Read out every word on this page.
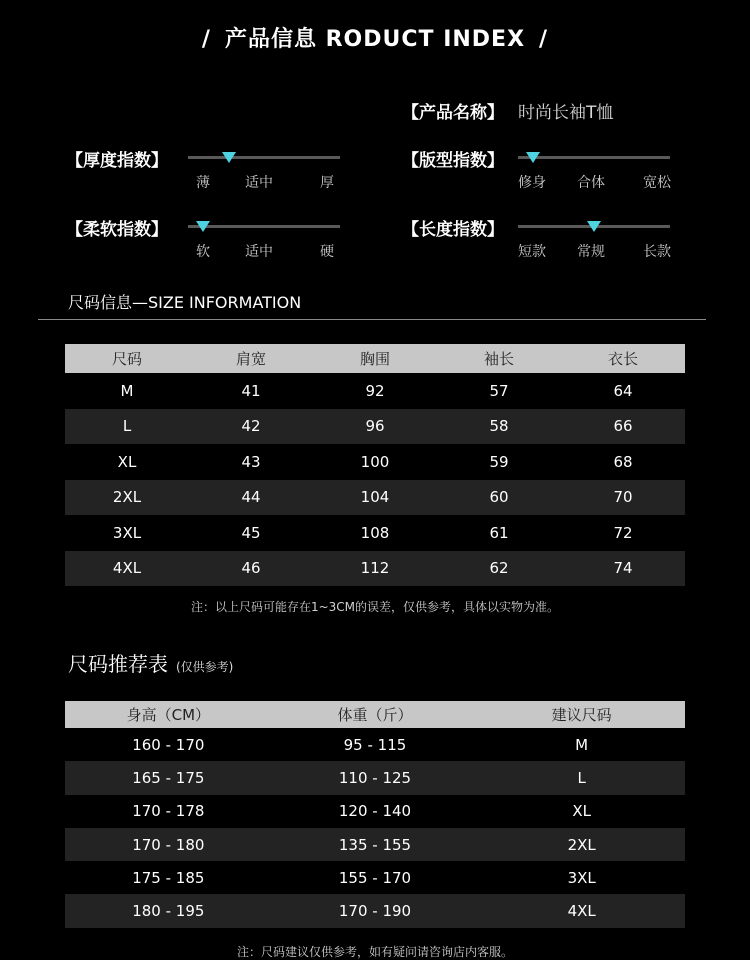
/ 产品信息 RODUCT INDEX /
【产品名称】 时尚长袖T恤
【厚度指数】
薄	适中	厚
【柔软指数】
软	适中	硬
【版型指数】
修身 合体	宽松
【长度指数】
短款 常规	长款
尺码信息—SIZE INFORMATION
尺码	肩宽	胸围	袖长	衣长
M	41	92	57	64
L	42	96	58	66
XL	43	100	59	68
2XL	44	104	60	70
3XL	45	108	61	72
4XL	46	112	62	74
注：以上尺码可能存在1~3CM的误差，仅供参考，具体以实物为准。
尺码推荐表 (仅供参考)
身高（CM）	体重（斤）	建议尺码
160 - 170	95 - 115	M
165 - 175	110 - 125	L
170 - 178	120 - 140	XL
170 - 180	135 - 155	2XL
175 - 185	155 - 170	3XL
180 - 195	170 - 190	4XL
注：尺码建议仅供参考，如有疑问请咨询店内客服。
